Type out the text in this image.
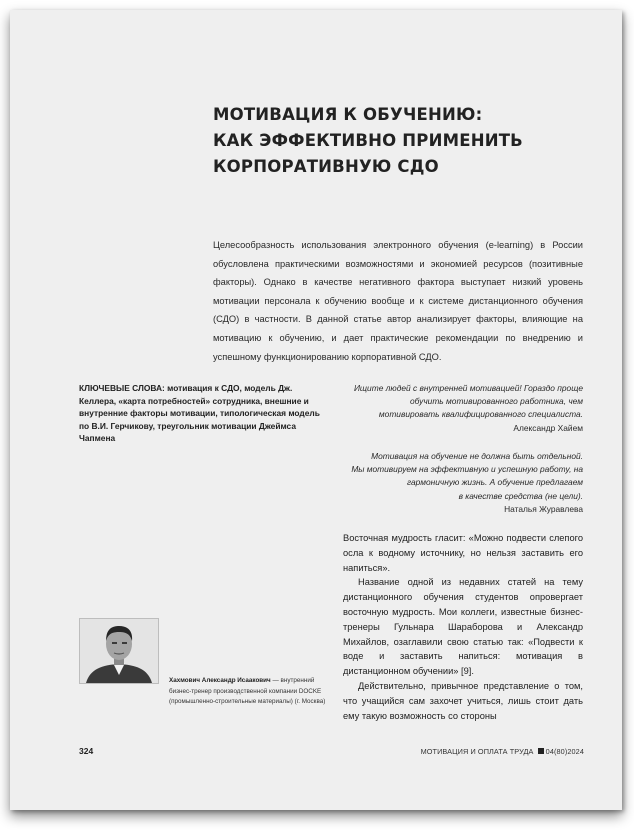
МОТИВАЦИЯ К ОБУЧЕНИЮ:
КАК ЭФФЕКТИВНО ПРИМЕНИТЬ
КОРПОРАТИВНУЮ СДО

Целесообразность использования электронного обучения (e-learning) в России обусловлена практическими возможностями и экономией ресурсов (позитивные факторы). Однако в качестве негативного фактора выступает низкий уровень мотивации персонала к обучению вообще и к системе дистанционного обучения (СДО) в частности. В данной статье автор анализирует факторы, влияющие на мотивацию к обучению, и дает практические рекомендации по внедрению и успешному функционированию корпоративной СДО.

КЛЮЧЕВЫЕ СЛОВА: мотивация к СДО, модель Дж. Келлера, «карта потребностей» сотрудника, внешние и внутренние факторы мотивации, типологическая модель по В.И. Герчикову, треугольник мотивации Джеймса Чапмена

Ищите людей с внутренней мотивацией! Гораздо проще
обучить мотивированного работника, чем
мотивировать квалифицированного специалиста.
Александр Хайем
Мотивация на обучение не должна быть отдельной.
Мы мотивируем на эффективную и успешную работу, на
гармоничную жизнь. А обучение предлагаем
в качестве средства (не цели).
Наталья Журавлева

Восточная мудрость гласит: «Можно подвести слепого осла к водному источнику, но нельзя заставить его напиться».

Название одной из недавних статей на тему дистанционного обучения студентов опровергает восточную мудрость. Мои коллеги, известные бизнес-тренеры Гульнара Шарaборова и Александр Михайлов, озаглавили свою статью так: «Подвести к воде и заставить напиться: мотивация в дистанционном обучении» [9].

Действительно, привычное представление о том, что учащийся сам захочет учиться, лишь стоит дать ему такую возможность со стороны

Хахмович Александр Исаакович — внутренний бизнес-тренер производственной компании DOCKE (промышленно-строительные материалы) (г. Москва)

324	МОТИВАЦИЯ И ОПЛАТА ТРУДА 04(80)2024
